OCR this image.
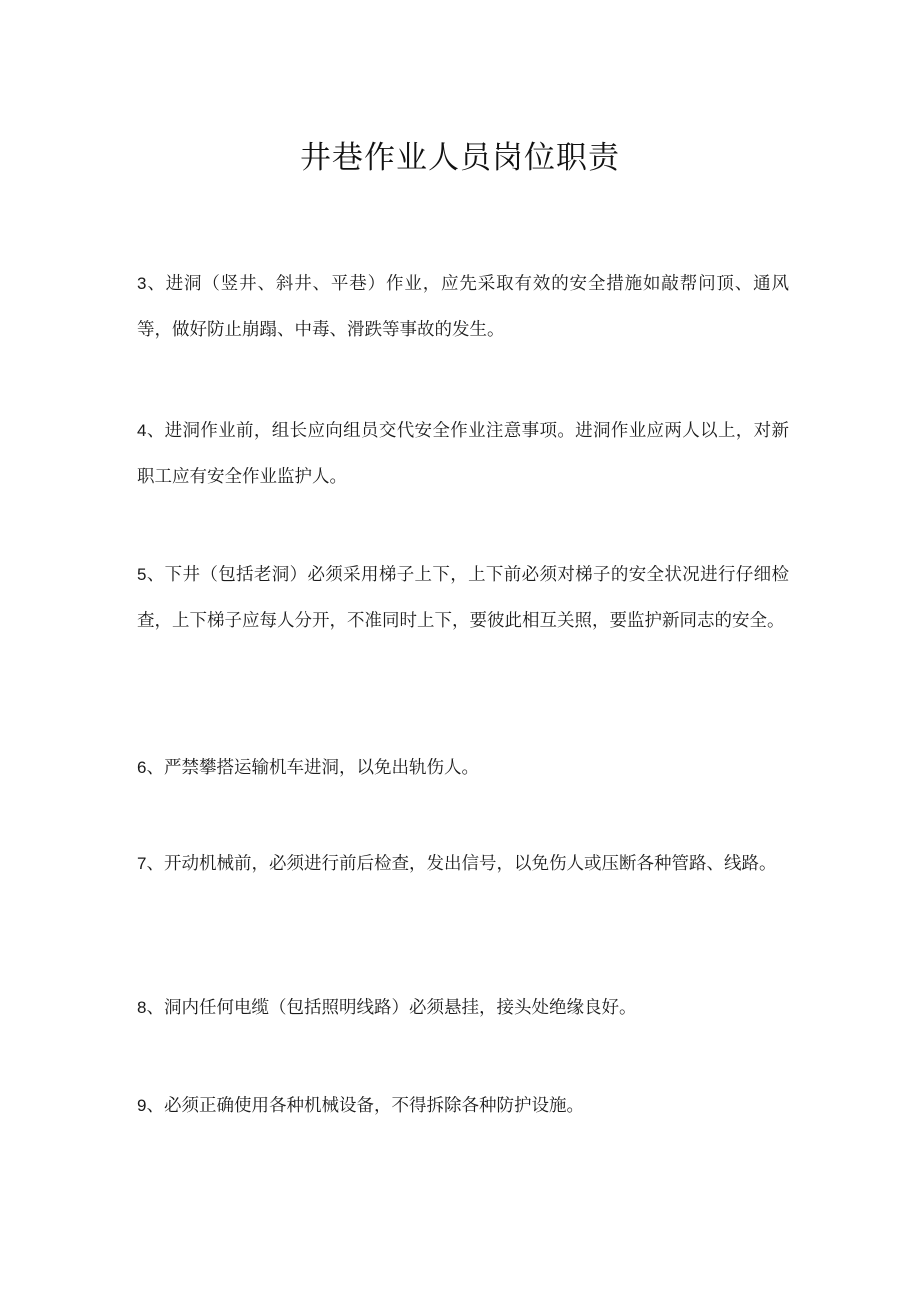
井巷作业人员岗位职责

3、进洞（竖井、斜井、平巷）作业，应先采取有效的安全措施如敲帮问顶、通风等，做好防止崩蹋、中毒、滑跌等事故的发生。

4、进洞作业前，组长应向组员交代安全作业注意事项。进洞作业应两人以上，对新职工应有安全作业监护人。

5、下井（包括老洞）必须采用梯子上下，上下前必须对梯子的安全状况进行仔细检查，上下梯子应每人分开，不准同时上下，要彼此相互关照，要监护新同志的安全。

6、严禁攀搭运输机车进洞，以免出轨伤人。

7、开动机械前，必须进行前后检查，发出信号，以免伤人或压断各种管路、线路。

8、洞内任何电缆（包括照明线路）必须悬挂，接头处绝缘良好。

9、必须正确使用各种机械设备，不得拆除各种防护设施。
